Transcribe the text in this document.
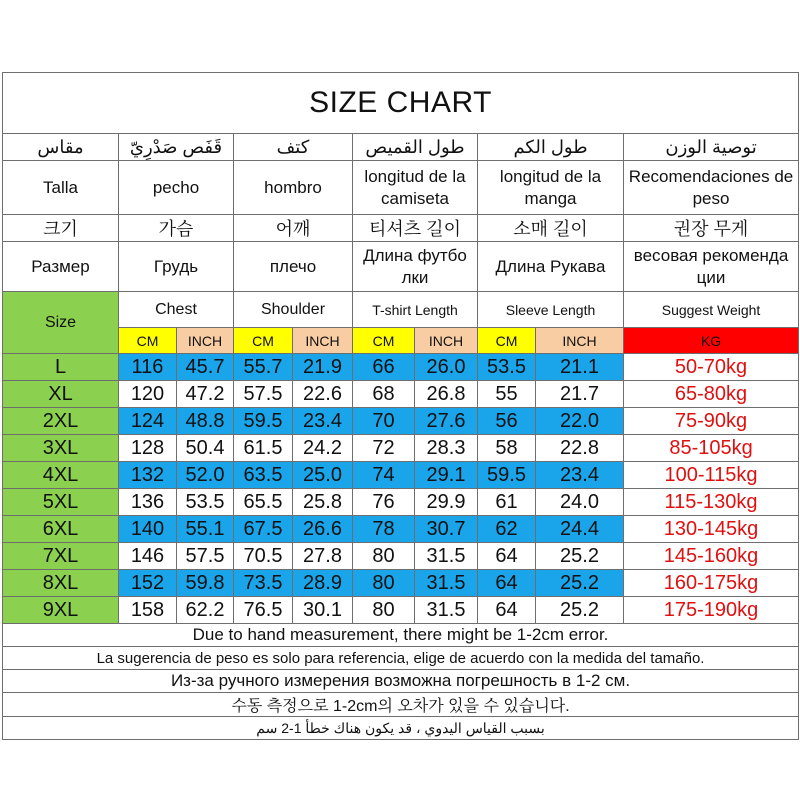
SIZE CHART									
مقاس	قَفَص صَدْرِيّ		كتف		طول القميص		طول الكم		توصية الوزن
Talla	pecho		hombro		longitud de la camiseta		longitud de la manga		Recomendaciones de peso
크기	가슴		어깨		티셔츠 길이		소매 길이		권장 무게
Размер	Грудь		плечо		Длина футбо лки		Длина Рукава		весовая рекоменда ции
Size	Chest		Shoulder		T-shirt Length		Sleeve Length		Suggest Weight
	CM	INCH	CM	INCH	CM	INCH	CM	INCH	KG
L	116	45.7	55.7	21.9	66	26.0	53.5	21.1	50-70kg
XL	120	47.2	57.5	22.6	68	26.8	55	21.7	65-80kg
2XL	124	48.8	59.5	23.4	70	27.6	56	22.0	75-90kg
3XL	128	50.4	61.5	24.2	72	28.3	58	22.8	85-105kg
4XL	132	52.0	63.5	25.0	74	29.1	59.5	23.4	100-115kg
5XL	136	53.5	65.5	25.8	76	29.9	61	24.0	115-130kg
6XL	140	55.1	67.5	26.6	78	30.7	62	24.4	130-145kg
7XL	146	57.5	70.5	27.8	80	31.5	64	25.2	145-160kg
8XL	152	59.8	73.5	28.9	80	31.5	64	25.2	160-175kg
9XL	158	62.2	76.5	30.1	80	31.5	64	25.2	175-190kg
Due to hand measurement, there might be 1-2cm error.									
La sugerencia de peso es solo para referencia, elige de acuerdo con la medida del tamaño.									
Из-за ручного измерения возможна погрешность в 1-2 см.									
수동 측정으로 1-2cm의 오차가 있을 수 있습니다.									
بسبب القياس اليدوي ، قد يكون هناك خطأ 1-2 سم									
